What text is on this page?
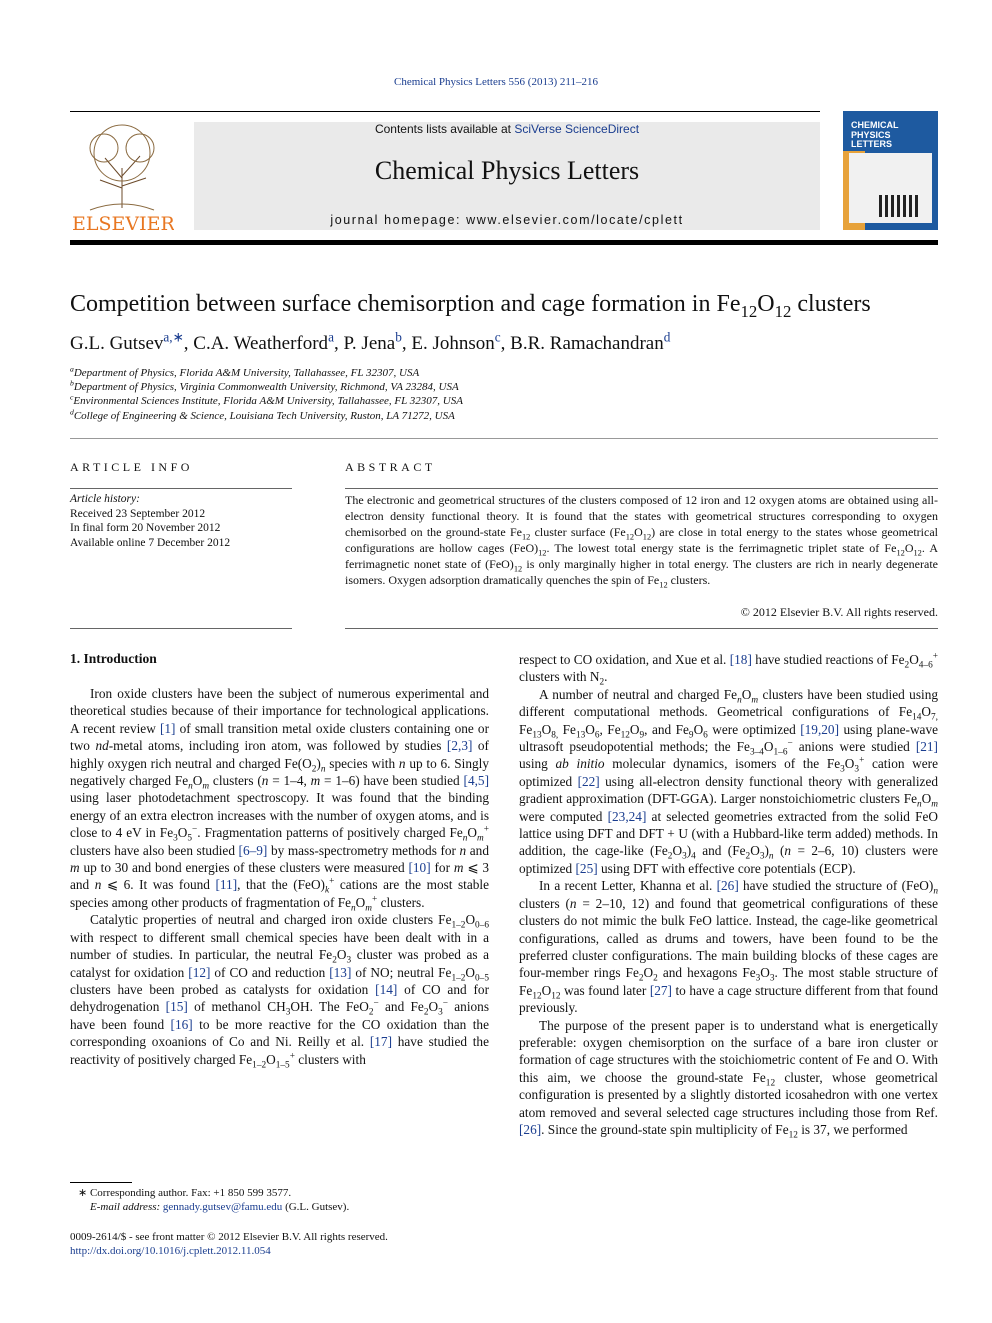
Chemical Physics Letters 556 (2013) 211–216
ELSEVIER
Contents lists available at SciVerse ScienceDirect
Chemical Physics Letters
journal homepage: www.elsevier.com/locate/cplett
CHEMICAL PHYSICS LETTERS
Competition between surface chemisorption and cage formation in $Fe_{12}O_{12}$ clusters
G.L. Gutsev$^{a,∗}$, C.A. Weatherford$^a$, P. Jena$^b$, E. Johnson$^c$, B.R. Ramachandran$^d$
$^a$Department of Physics, Florida A&M University, Tallahassee, FL 32307, USA
$^b$Department of Physics, Virginia Commonwealth University, Richmond, VA 23284, USA
$^c$Environmental Sciences Institute, Florida A&M University, Tallahassee, FL 32307, USA
$^d$College of Engineering & Science, Louisiana Tech University, Ruston, LA 71272, USA
ARTICLE INFO
Article history:
Received 23 September 2012
In final form 20 November 2012
Available online 7 December 2012
ABSTRACT
The electronic and geometrical structures of the clusters composed of 12 iron and 12 oxygen atoms are obtained using all-electron density functional theory. It is found that the states with geometrical structures corresponding to oxygen chemisorbed on the ground-state $Fe_{12}$ cluster surface $(Fe_{12}O_{12})$ are close in total energy to the states whose geometrical configurations are hollow cages $(FeO)_{12}$. The lowest total energy state is the ferrimagnetic triplet state of $Fe_{12}O_{12}$. A ferrimagnetic nonet state of $(FeO)_{12}$ is only marginally higher in total energy. The clusters are rich in nearly degenerate isomers. Oxygen adsorption dramatically quenches the spin of $Fe_{12}$ clusters.
© 2012 Elsevier B.V. All rights reserved.
1. Introduction

Iron oxide clusters have been the subject of numerous experimental and theoretical studies because of their importance for technological applications. A recent review [1] of small transition metal oxide clusters containing one or two nd-metal atoms, including iron atom, was followed by studies [2,3] of highly oxygen rich neutral and charged $Fe(O_2)_n$ species with n up to 6. Singly negatively charged $Fe_nO_m$ clusters (n = 1–4, m = 1–6) have been studied [4,5] using laser photodetachment spectroscopy. It was found that the binding energy of an extra electron increases with the number of oxygen atoms, and is close to 4 eV in $Fe_3O_5^-$. Fragmentation patterns of positively charged $Fe_nO_m^+$ clusters have also been studied [6–9] by mass-spectrometry methods for n and m up to 30 and bond energies of these clusters were measured [10] for m ⩽ 3 and n ⩽ 6. It was found [11], that the $(FeO)_k^+$ cations are the most stable species among other products of fragmentation of $Fe_nO_m^+$ clusters.

Catalytic properties of neutral and charged iron oxide clusters $Fe_{1-2}O_{0-6}$ with respect to different small chemical species have been dealt with in a number of studies. In particular, the neutral $Fe_2O_3$ cluster was probed as a catalyst for oxidation [12] of CO and reduction [13] of NO; neutral $Fe_{1-2}O_{0-5}$ clusters have been probed as catalysts for oxidation [14] of CO and for dehydrogenation [15] of methanol $CH_3OH$. The FeO$_2$− and $Fe_2O_3^-$ anions have been found [16] to be more reactive for the CO oxidation than the corresponding oxoanions of Co and Ni. Reilly et al. [17] have studied the reactivity of positively charged $Fe_{1-2}O_{1-5}^+$ clusters with

respect to CO oxidation, and Xue et al. [18] have studied reactions of $Fe_2O_{4-6}^+$ clusters with $N_2$.

A number of neutral and charged $Fe_nO_m$ clusters have been studied using different computational methods. Geometrical configurations of $Fe_{14}O_{7,}$ $Fe_{13}O_{8,}$ $Fe_{13}O_6$, $Fe_{12}O_9$, and $Fe_9O_6$ were optimized [19,20] using plane-wave ultrasoft pseudopotential methods; the $Fe_{3-4}O_{1-6}^-$ anions were studied [21] using ab initio molecular dynamics, isomers of the $Fe_3O_3^+$ cation were optimized [22] using all-electron density functional theory with generalized gradient approximation (DFT-GGA). Larger nonstoichiometric clusters $Fe_nO_m$ were computed [23,24] at selected geometries extracted from the solid FeO lattice using DFT and DFT + U (with a Hubbard-like term added) methods. In addition, the cage-like $(Fe_2O_3)_4$ and $(Fe_2O_3)_n$ (n = 2–6, 10) clusters were optimized [25] using DFT with effective core potentials (ECP).

In a recent Letter, Khanna et al. [26] have studied the structure of $(FeO)_n$ clusters (n = 2–10, 12) and found that geometrical configurations of these clusters do not mimic the bulk FeO lattice. Instead, the cage-like geometrical configurations, called as drums and towers, have been found to be the preferred cluster configurations. The main building blocks of these cages are four-member rings $Fe_2O_2$ and hexagons $Fe_3O_3$. The most stable structure of $Fe_{12}O_{12}$ was found later [27] to have a cage structure different from that found previously.

The purpose of the present paper is to understand what is energetically preferable: oxygen chemisorption on the surface of a bare iron cluster or formation of cage structures with the stoichiometric content of Fe and O. With this aim, we choose the ground-state $Fe_{12}$ cluster, whose geometrical configuration is presented by a slightly distorted icosahedron with one vertex atom removed and several selected cage structures including those from Ref. [26]. Since the ground-state spin multiplicity of $Fe_{12}$ is 37, we performed

∗ Corresponding author. Fax: +1 850 599 3577.
E-mail address: gennady.gutsev@famu.edu (G.L. Gutsev).
0009-2614/$ - see front matter © 2012 Elsevier B.V. All rights reserved.
http://dx.doi.org/10.1016/j.cplett.2012.11.054
